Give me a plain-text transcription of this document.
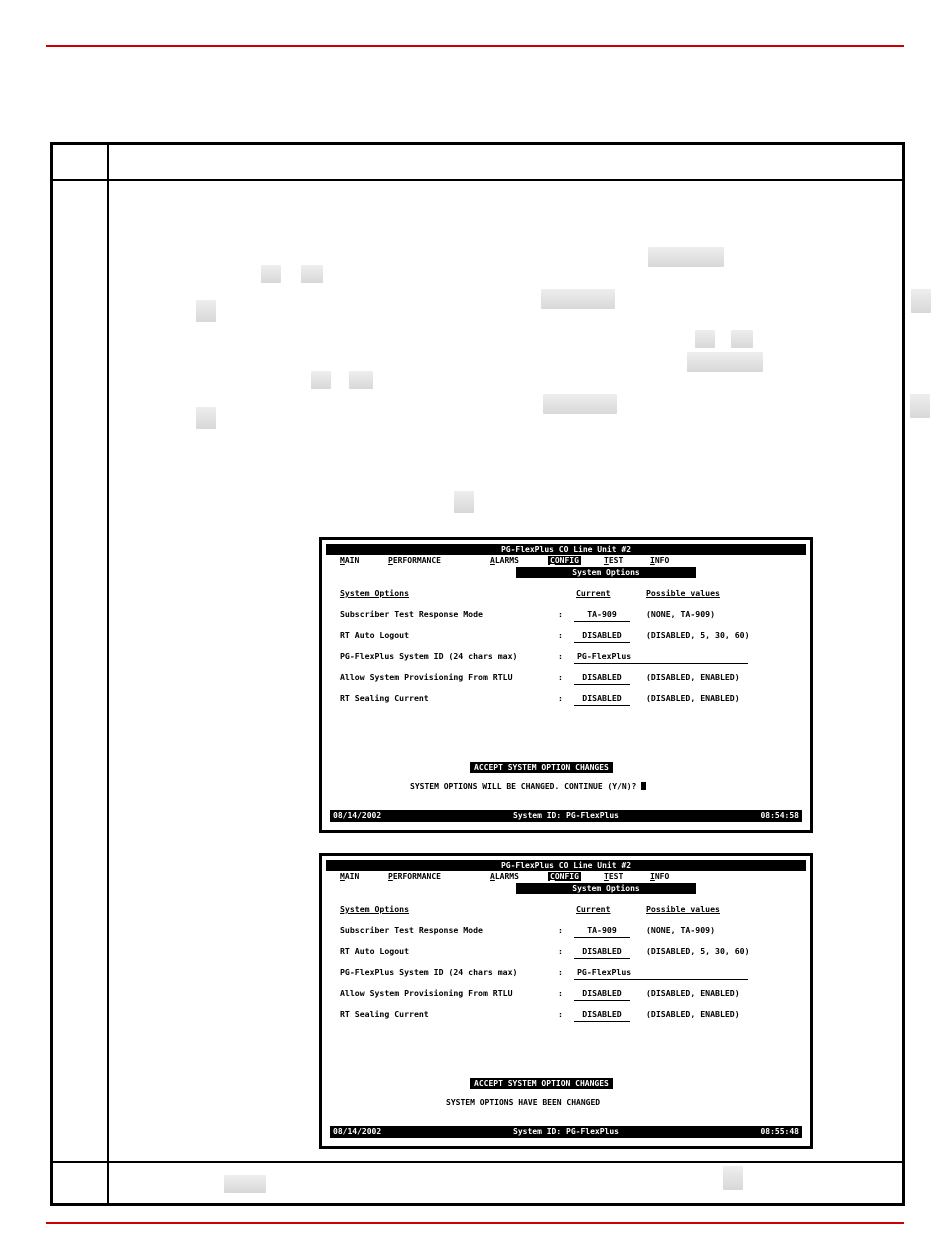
PG-FlexPlus CO Line Unit #2
MAIN	PERFORMANCE	ALARMS	CONFIG	TEST	INFO
System Options
System Options	Current	Possible values
Subscriber Test Response Mode	:	TA-909	(NONE, TA-909)
RT Auto Logout	:	DISABLED	(DISABLED, 5, 30, 60)
PG-FlexPlus System ID (24 chars max)	:	PG-FlexPlus
Allow System Provisioning From RTLU	:	DISABLED	(DISABLED, ENABLED)
RT Sealing Current	:	DISABLED	(DISABLED, ENABLED)
ACCEPT SYSTEM OPTION CHANGES
SYSTEM OPTIONS WILL BE CHANGED. CONTINUE (Y/N)?
08/14/2002	System ID: PG-FlexPlus	08:54:58
PG-FlexPlus CO Line Unit #2
MAIN	PERFORMANCE	ALARMS	CONFIG	TEST	INFO
System Options
System Options	Current	Possible values
Subscriber Test Response Mode	:	TA-909	(NONE, TA-909)
RT Auto Logout	:	DISABLED	(DISABLED, 5, 30, 60)
PG-FlexPlus System ID (24 chars max)	:	PG-FlexPlus
Allow System Provisioning From RTLU	:	DISABLED	(DISABLED, ENABLED)
RT Sealing Current	:	DISABLED	(DISABLED, ENABLED)
ACCEPT SYSTEM OPTION CHANGES
SYSTEM OPTIONS HAVE BEEN CHANGED
08/14/2002	System ID: PG-FlexPlus	08:55:48
